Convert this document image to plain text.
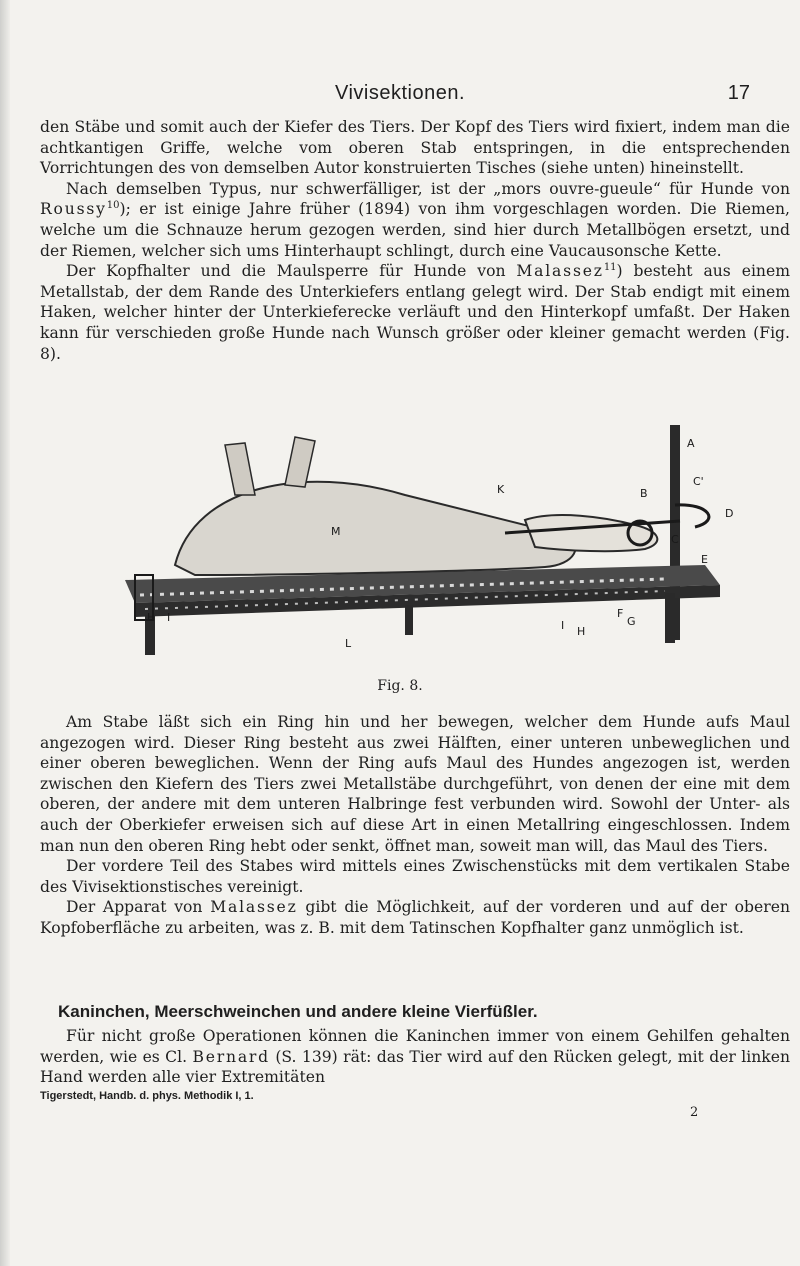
Vivisektionen.	17

den Stäbe und somit auch der Kiefer des Tiers. Der Kopf des Tiers wird fixiert, indem man die achtkantigen Griffe, welche vom oberen Stab entspringen, in die entsprechenden Vorrichtungen des von demselben Autor konstruierten Tisches (siehe unten) hineinstellt.

Nach demselben Typus, nur schwerfälliger, ist der „mors ouvre-gueule“ für Hunde von Roussy$^{10}$); er ist einige Jahre früher (1894) von ihm vorgeschlagen worden. Die Riemen, welche um die Schnauze herum gezogen werden, sind hier durch Metallbögen ersetzt, und der Riemen, welcher sich ums Hinterhaupt schlingt, durch eine Vaucausonsche Kette.

Der Kopfhalter und die Maulsperre für Hunde von Malassez$^{11}$) besteht aus einem Metallstab, der dem Rande des Unterkiefers entlang gelegt wird. Der Stab endigt mit einem Haken, welcher hinter der Unterkieferecke verläuft und den Hinterkopf umfaßt. Der Haken kann für verschieden große Hunde nach Wunsch größer oder kleiner gemacht werden (Fig. 8).

A
B
C'
K
M
D
C
E
F
G
H I
H
I
L
Fig. 8.

Am Stabe läßt sich ein Ring hin und her bewegen, welcher dem Hunde aufs Maul angezogen wird. Dieser Ring besteht aus zwei Hälften, einer unteren unbeweglichen und einer oberen beweglichen. Wenn der Ring aufs Maul des Hundes angezogen ist, werden zwischen den Kiefern des Tiers zwei Metallstäbe durchgeführt, von denen der eine mit dem oberen, der andere mit dem unteren Halbringe fest verbunden wird. Sowohl der Unter- als auch der Oberkiefer erweisen sich auf diese Art in einen Metallring eingeschlossen. Indem man nun den oberen Ring hebt oder senkt, öffnet man, soweit man will, das Maul des Tiers.

Der vordere Teil des Stabes wird mittels eines Zwischenstücks mit dem vertikalen Stabe des Vivisektionstisches vereinigt.

Der Apparat von Malassez gibt die Möglichkeit, auf der vorderen und auf der oberen Kopfoberfläche zu arbeiten, was z. B. mit dem Tatinschen Kopfhalter ganz unmöglich ist.

Kaninchen, Meerschweinchen und andere kleine Vierfüßler.

Für nicht große Operationen können die Kaninchen immer von einem Gehilfen gehalten werden, wie es Cl. Bernard (S. 139) rät: das Tier wird auf den Rücken gelegt, mit der linken Hand werden alle vier Extremitäten

Tigerstedt, Handb. d. phys. Methodik I, 1.
2
